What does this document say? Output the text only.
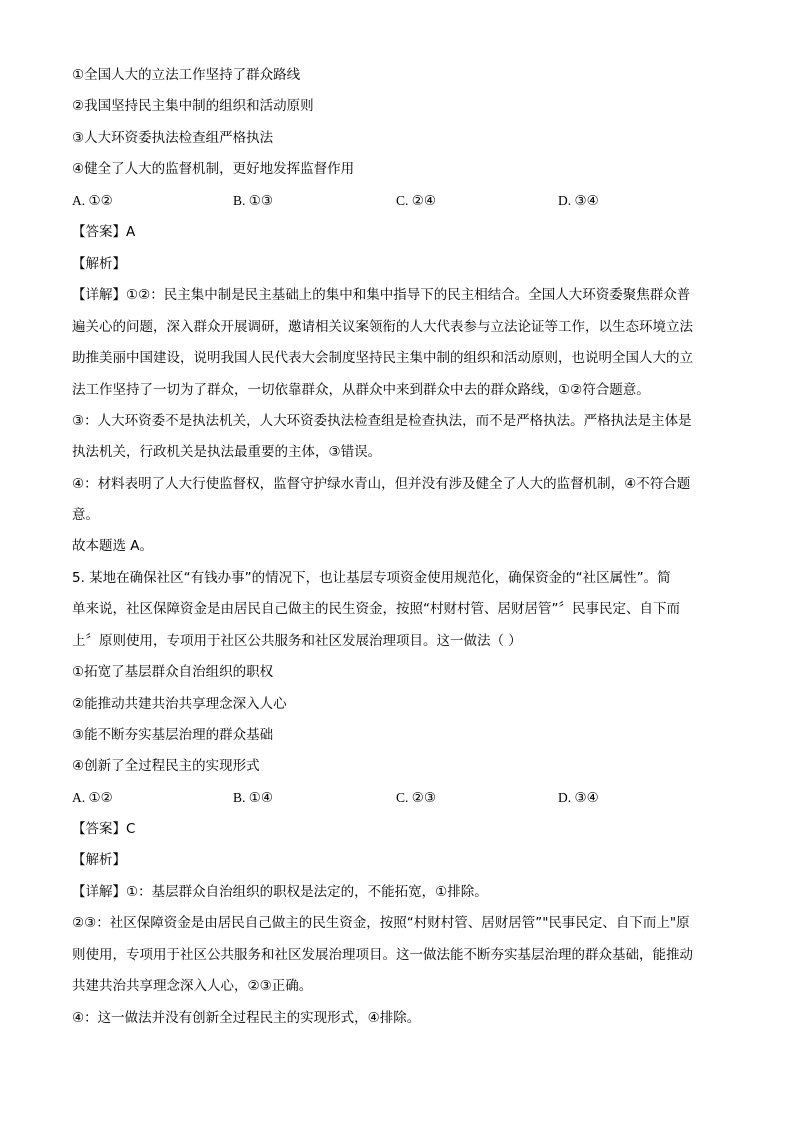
①全国人大的立法工作坚持了群众路线
②我国坚持民主集中制的组织和活动原则
③人大环资委执法检查组严格执法
④健全了人大的监督机制，更好地发挥监督作用
A. ①②	B. ①③	C. ②④	D. ③④
【答案】A
【解析】
【详解】①②：民主集中制是民主基础上的集中和集中指导下的民主相结合。全国人大环资委聚焦群众普
遍关心的问题，深入群众开展调研，邀请相关议案领衔的人大代表参与立法论证等工作，以生态环境立法
助推美丽中国建设，说明我国人民代表大会制度坚持民主集中制的组织和活动原则，也说明全国人大的立
法工作坚持了一切为了群众，一切依靠群众，从群众中来到群众中去的群众路线，①②符合题意。
③：人大环资委不是执法机关，人大环资委执法检查组是检查执法，而不是严格执法。严格执法是主体是
执法机关，行政机关是执法最重要的主体，③错误。
④：材料表明了人大行使监督权，监督守护绿水青山，但并没有涉及健全了人大的监督机制，④不符合题
意。
故本题选 A。
5. 某地在确保社区“有钱办事”的情况下，也让基层专项资金使用规范化，确保资金的“社区属性”。简
单来说，社区保障资金是由居民自己做主的民生资金，按照“村财村管、居财居管”〞民事民定、自下而
上〞原则使用，专项用于社区公共服务和社区发展治理项目。这一做法（ ）
①拓宽了基层群众自治组织的职权
②能推动共建共治共享理念深入人心
③能不断夯实基层治理的群众基础
④创新了全过程民主的实现形式
A. ①②	B. ①④	C. ②③	D. ③④
【答案】C
【解析】
【详解】①：基层群众自治组织的职权是法定的，不能拓宽，①排除。
②③：社区保障资金是由居民自己做主的民生资金，按照“村财村管、居财居管”"民事民定、自下而上"原
则使用，专项用于社区公共服务和社区发展治理项目。这一做法能不断夯实基层治理的群众基础，能推动
共建共治共享理念深入人心，②③正确。
④：这一做法并没有创新全过程民主的实现形式，④排除。
